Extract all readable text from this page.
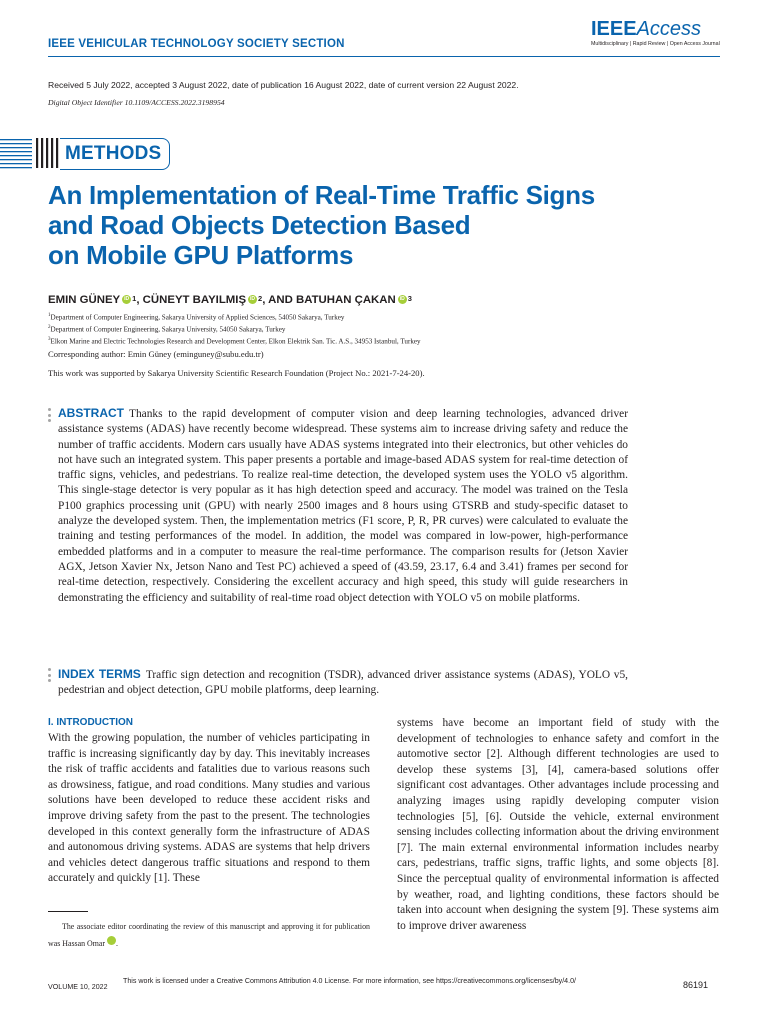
IEEE VEHICULAR TECHNOLOGY SOCIETY SECTION
IEEEAccess
Multidisciplinary | Rapid Review | Open Access Journal
Received 5 July 2022, accepted 3 August 2022, date of publication 16 August 2022, date of current version 22 August 2022.
Digital Object Identifier 10.1109/ACCESS.2022.3198954
METHODS
An Implementation of Real-Time Traffic Signs
and Road Objects Detection Based
on Mobile GPU Platforms
EMIN GÜNEY iD 1 , CÜNEYT BAYILMIŞ iD 2 , AND BATUHAN ÇAKAN iD 3
$^1$Department of Computer Engineering, Sakarya University of Applied Sciences, 54050 Sakarya, Turkey
$^2$Department of Computer Engineering, Sakarya University, 54050 Sakarya, Turkey
$^3$Elkon Marine and Electric Technologies Research and Development Center, Elkon Elektrik San. Tic. A.S., 34953 Istanbul, Turkey
Corresponding author: Emin Güney (eminguney@subu.edu.tr)
This work was supported by Sakarya University Scientific Research Foundation (Project No.: 2021-7-24-20).
ABSTRACT Thanks to the rapid development of computer vision and deep learning technologies, advanced driver assistance systems (ADAS) have recently become widespread. These systems aim to increase driving safety and reduce the number of traffic accidents. Modern cars usually have ADAS systems integrated into their electronics, but other vehicles do not have such an integrated system. This paper presents a portable and image-based ADAS system for real-time detection of traffic signs, vehicles, and pedestrians. To realize real-time detection, the developed system uses the YOLO v5 algorithm. This single-stage detector is very popular as it has high detection speed and accuracy. The model was trained on the Tesla P100 graphics processing unit (GPU) with nearly 2500 images and 8 hours using GTSRB and study-specific dataset to analyze the developed system. Then, the implementation metrics (F1 score, P, R, PR curves) were calculated to evaluate the training and testing performances of the model. In addition, the model was compared in low-power, high-performance embedded platforms and in a computer to measure the real-time performance. The comparison results for (Jetson Xavier AGX, Jetson Xavier Nx, Jetson Nano and Test PC) achieved a speed of (43.59, 23.17, 6.4 and 3.41) frames per second for real-time detection, respectively. Considering the excellent accuracy and high speed, this study will guide researchers in demonstrating the efficiency and suitability of real-time road object detection with YOLO v5 on mobile platforms.
INDEX TERMS Traffic sign detection and recognition (TSDR), advanced driver assistance systems (ADAS), YOLO v5, pedestrian and object detection, GPU mobile platforms, deep learning.
I. INTRODUCTION
With the growing population, the number of vehicles participating in traffic is increasing significantly day by day. This inevitably increases the risk of traffic accidents and fatalities due to various reasons such as drowsiness, fatigue, and road conditions. Many studies and various solutions have been developed to reduce these accident risks and improve driving safety from the past to the present. The technologies developed in this context generally form the infrastructure of ADAS and autonomous driving systems. ADAS are systems that help drivers and vehicles detect dangerous traffic situations and respond to them accurately and quickly [1]. These
systems have become an important field of study with the development of technologies to enhance safety and comfort in the automotive sector [2]. Although different technologies are used to develop these systems [3], [4], camera-based solutions offer significant cost advantages. Other advantages include processing and analyzing images using rapidly developing computer vision technologies [5], [6]. Outside the vehicle, external environment sensing includes collecting information about the driving environment [7]. The main external environmental information includes nearby cars, pedestrians, traffic signs, traffic lights, and some objects [8]. Since the perceptual quality of environmental information is affected by weather, road, and lighting conditions, these factors should be taken into account when designing the system [9]. These systems aim to improve driver awareness
The associate editor coordinating the review of this manuscript and approving it for publication was Hassan Omar	iD.
VOLUME 10, 2022
This work is licensed under a Creative Commons Attribution 4.0 License. For more information, see https://creativecommons.org/licenses/by/4.0/	86191
